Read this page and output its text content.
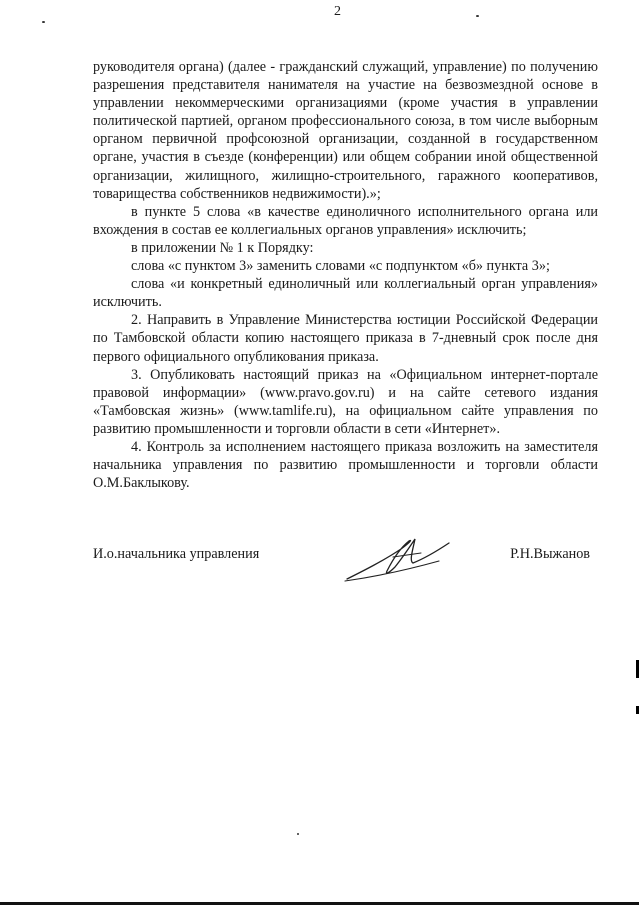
2

руководителя органа) (далее - гражданский служащий, управление) по получению разрешения представителя нанимателя на участие на безвозмездной основе в управлении некоммерческими организациями (кроме участия в управлении политической партией, органом профессионального союза, в том числе выборным органом первичной профсоюзной организации, созданной в государственном органе, участия в съезде (конференции) или общем собрании иной общественной организации, жилищного, жилищно-строительного, гаражного кооперативов, товарищества собственников недвижимости).»;

в пункте 5 слова «в качестве единоличного исполнительного органа или вхождения в состав ее коллегиальных органов управления» исключить;

в приложении № 1 к Порядку:

слова «с пунктом 3» заменить словами «с подпунктом «б» пункта 3»;

слова «и конкретный единоличный или коллегиальный орган управления» исключить.

2. Направить в Управление Министерства юстиции Российской Федерации по Тамбовской области копию настоящего приказа в 7-дневный срок после дня первого официального опубликования приказа.

3. Опубликовать настоящий приказ на «Официальном интернет-портале правовой информации» (www.pravo.gov.ru) и на сайте сетевого издания «Тамбовская жизнь» (www.tamlife.ru), на официальном сайте управления по развитию промышленности и торговли области в сети «Интернет».

4. Контроль за исполнением настоящего приказа возложить на заместителя начальника управления по развитию промышленности и торговли области О.М.Баклыкову.

И.о.начальника управления	Р.Н.Выжанов
